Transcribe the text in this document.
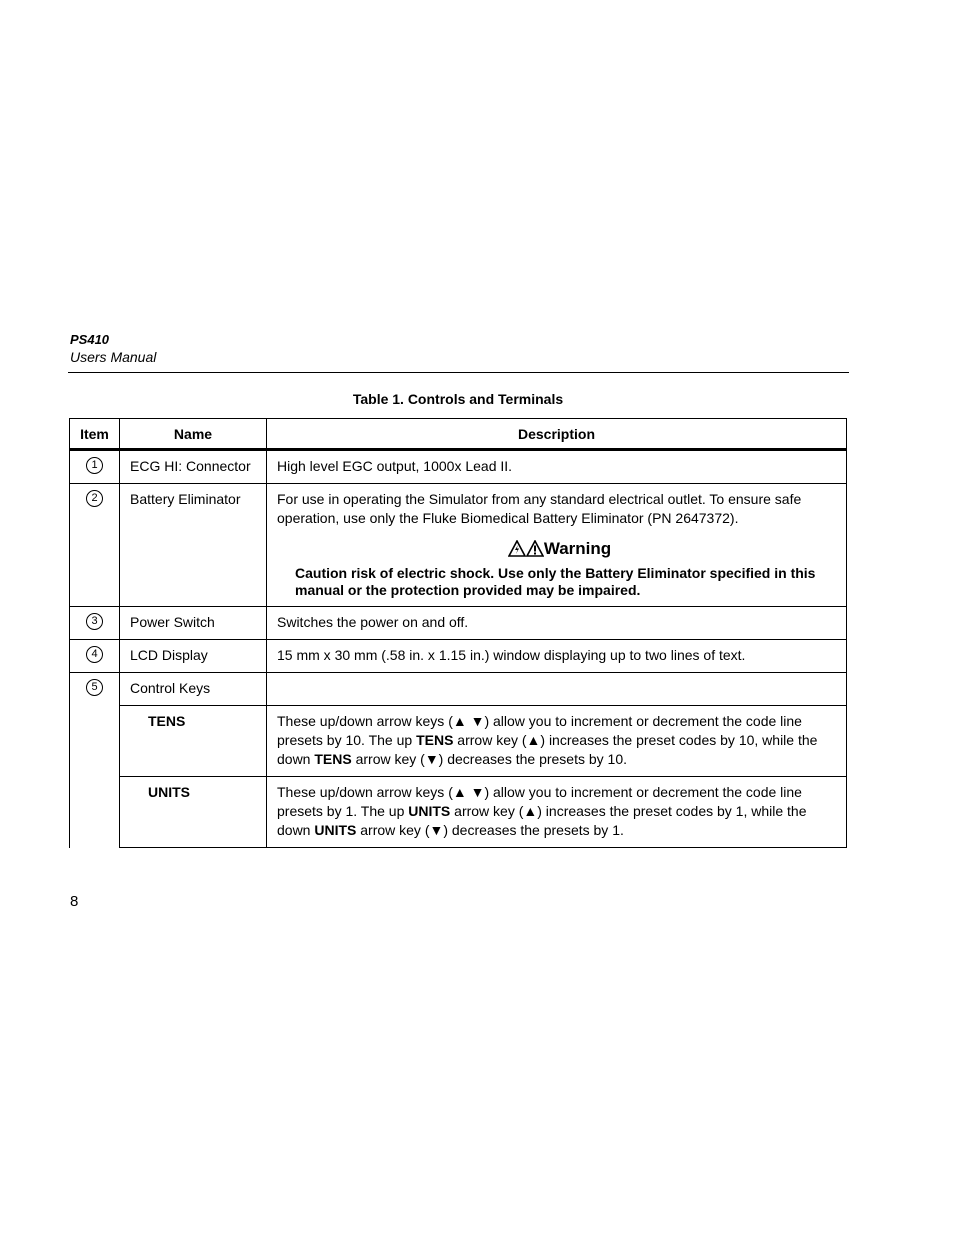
PS410
Users Manual
Table 1. Controls and Terminals
Item	Name	Description
1	ECG HI: Connector	High level EGC output, 1000x Lead II.

2	Battery Eliminator	For use in operating the Simulator from any standard electrical outlet. To ensure safe operation, use only the Fluke Biomedical Battery Eliminator (PN 2647372).
Warning
Caution risk of electric shock. Use only the Battery Eliminator specified in this manual or the protection provided may be impaired.

3	Power Switch	Switches the power on and off.

4	LCD Display	15 mm x 30 mm (.58 in. x 1.15 in.) window displaying up to two lines of text.

5	Control Keys	

	TENS	These up/down arrow keys (▲ ▼) allow you to increment or decrement the code line presets by 10. The up TENS arrow key (▲) increases the preset codes by 10, while the down TENS arrow key (▼) decreases the presets by 10.

	UNITS	These up/down arrow keys (▲ ▼) allow you to increment or decrement the code line presets by 1. The up UNITS arrow key (▲) increases the preset codes by 1, while the down UNITS arrow key (▼) decreases the presets by 1.
8
